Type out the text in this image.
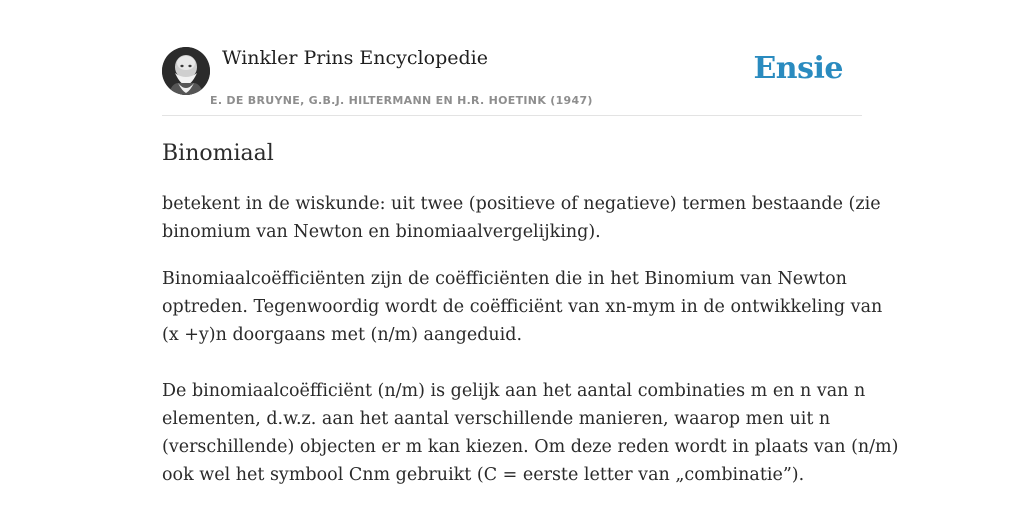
Winkler Prins Encyclopedie
E. DE BRUYNE, G.B.J. HILTERMANN EN H.R. HOETINK (1947)
Ensie
Binomiaal

betekent in de wiskunde: uit twee (positieve of negatieve) termen bestaande (zie
binomium van Newton en binomiaalvergelijking).

Binomiaalcoëfficiënten zijn de coëfficiënten die in het Binomium van Newton
optreden. Tegenwoordig wordt de coëfficiënt van xn-mym in de ontwikkeling van
(x +y)n doorgaans met (n/m) aangeduid.
De binomiaalcoëfficiënt (n/m) is gelijk aan het aantal combinaties m en n van n
elementen, d.w.z. aan het aantal verschillende manieren, waarop men uit n
(verschillende) objecten er m kan kiezen. Om deze reden wordt in plaats van (n/m)
ook wel het symbool Cnm gebruikt (C = eerste letter van „combinatie”).
